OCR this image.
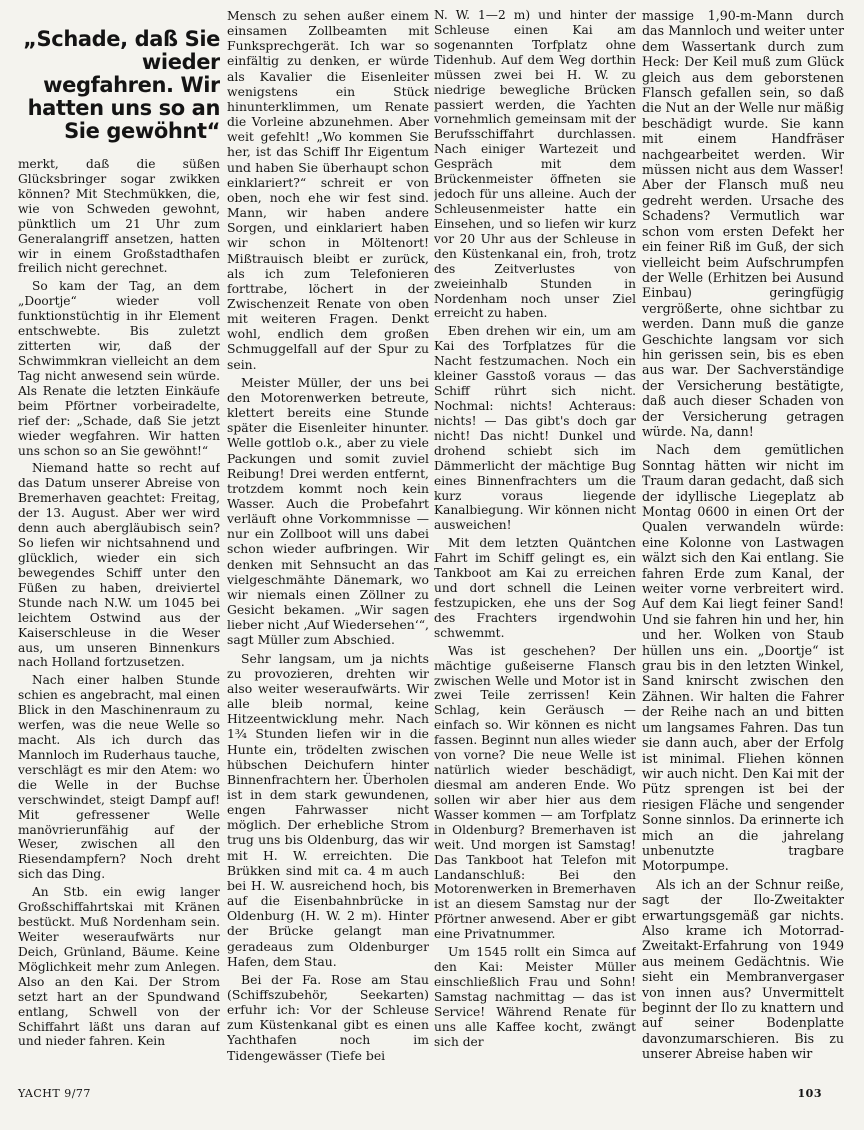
„Schade, daß Sie wieder wegfahren. Wir hatten uns so an Sie gewöhnt“

merkt, daß die süßen Glücksbringer sogar zwikken können? Mit Stechmükken, die, wie von Schweden gewohnt, pünktlich um 21 Uhr zum Generalangriff ansetzen, hatten wir in einem Großstadthafen freilich nicht gerechnet.

So kam der Tag, an dem „Doortje“ wieder voll funktionstüchtig in ihr Element entschwebte. Bis zuletzt zitterten wir, daß der Schwimmkran vielleicht an dem Tag nicht anwesend sein würde. Als Renate die letzten Einkäufe beim Pförtner vorbeiradelte, rief der: „Schade, daß Sie jetzt wieder wegfahren. Wir hatten uns schon so an Sie gewöhnt!“

Niemand hatte so recht auf das Datum unserer Abreise von Bremerhaven geachtet: Freitag, der 13. August. Aber wer wird denn auch abergläubisch sein? So liefen wir nichtsahnend und glücklich, wieder ein sich bewegendes Schiff unter den Füßen zu haben, dreiviertel Stunde nach N.W. um 1045 bei leichtem Ostwind aus der Kaiserschleuse in die Weser aus, um unseren Binnenkurs nach Holland fortzusetzen.

Nach einer halben Stunde schien es angebracht, mal einen Blick in den Maschinenraum zu werfen, was die neue Welle so macht. Als ich durch das Mannloch im Ruderhaus tauche, verschlägt es mir den Atem: wo die Welle in der Buchse verschwindet, steigt Dampf auf! Mit gefressener Welle manövrierunfähig auf der Weser, zwischen all den Riesendampfern? Noch dreht sich das Ding.

An Stb. ein ewig langer Großschiffahrtskai mit Kränen bestückt. Muß Nordenham sein. Weiter weseraufwärts nur Deich, Grünland, Bäume. Keine Möglichkeit mehr zum Anlegen. Also an den Kai. Der Strom setzt hart an der Spundwand entlang, Schwell von der Schiffahrt läßt uns daran auf und nieder fahren. Kein

Mensch zu sehen außer einem einsamen Zollbeamten mit Funksprechgerät. Ich war so einfältig zu denken, er würde als Kavalier die Eisenleiter wenigstens ein Stück hinunterklimmen, um Renate die Vorleine abzunehmen. Aber weit gefehlt! „Wo kommen Sie her, ist das Schiff Ihr Eigentum und haben Sie überhaupt schon einklariert?“ schreit er von oben, noch ehe wir fest sind. Mann, wir haben andere Sorgen, und einklariert haben wir schon in Möltenort! Mißtrauisch bleibt er zurück, als ich zum Telefonieren forttrabe, löchert in der Zwischenzeit Renate von oben mit weiteren Fragen. Denkt wohl, endlich dem großen Schmuggelfall auf der Spur zu sein.

Meister Müller, der uns bei den Motorenwerken betreute, klettert bereits eine Stunde später die Eisenleiter hinunter. Welle gottlob o.k., aber zu viele Packungen und somit zuviel Reibung! Drei werden entfernt, trotzdem kommt noch kein Wasser. Auch die Probefahrt verläuft ohne Vorkommnisse — nur ein Zollboot will uns dabei schon wieder aufbringen. Wir denken mit Sehnsucht an das vielgeschmähte Dänemark, wo wir niemals einen Zöllner zu Gesicht bekamen. „Wir sagen lieber nicht ‚Auf Wiedersehen‘“, sagt Müller zum Abschied.

Sehr langsam, um ja nichts zu provozieren, drehten wir also weiter weseraufwärts. Wir alle bleib normal, keine Hitzeentwicklung mehr. Nach 1¾ Stunden liefen wir in die Hunte ein, trödelten zwischen hübschen Deichufern hinter Binnenfrachtern her. Überholen ist in dem stark gewundenen, engen Fahrwasser nicht möglich. Der erhebliche Strom trug uns bis Oldenburg, das wir mit H. W. erreichten. Die Brükken sind mit ca. 4 m auch bei H. W. ausreichend hoch, bis auf die Eisenbahnbrücke in Oldenburg (H. W. 2 m). Hinter der Brücke gelangt man geradeaus zum Oldenburger Hafen, dem Stau.

Bei der Fa. Rose am Stau (Schiffszubehör, Seekarten) erfuhr ich: Vor der Schleuse zum Küstenkanal gibt es einen Yachthafen noch im Tidengewässer (Tiefe bei

N. W. 1—2 m) und hinter der Schleuse einen Kai am sogenannten Torfplatz ohne Tidenhub. Auf dem Weg dorthin müssen zwei bei H. W. zu niedrige bewegliche Brücken passiert werden, die Yachten vornehmlich gemeinsam mit der Berufsschiffahrt durchlassen. Nach einiger Wartezeit und Gespräch mit dem Brückenmeister öffneten sie jedoch für uns alleine. Auch der Schleusenmeister hatte ein Einsehen, und so liefen wir kurz vor 20 Uhr aus der Schleuse in den Küstenkanal ein, froh, trotz des Zeitverlustes von zweieinhalb Stunden in Nordenham noch unser Ziel erreicht zu haben.

Eben drehen wir ein, um am Kai des Torfplatzes für die Nacht festzumachen. Noch ein kleiner Gasstoß voraus — das Schiff rührt sich nicht. Nochmal: nichts! Achteraus: nichts! — Das gibt's doch gar nicht! Das nicht! Dunkel und drohend schiebt sich im Dämmerlicht der mächtige Bug eines Binnenfrachters um die kurz voraus liegende Kanalbiegung. Wir können nicht ausweichen!

Mit dem letzten Quäntchen Fahrt im Schiff gelingt es, ein Tankboot am Kai zu erreichen und dort schnell die Leinen festzupicken, ehe uns der Sog des Frachters irgendwohin schwemmt.

Was ist geschehen? Der mächtige gußeiserne Flansch zwischen Welle und Motor ist in zwei Teile zerrissen! Kein Schlag, kein Geräusch — einfach so. Wir können es nicht fassen. Beginnt nun alles wieder von vorne? Die neue Welle ist natürlich wieder beschädigt, diesmal am anderen Ende. Wo sollen wir aber hier aus dem Wasser kommen — am Torfplatz in Oldenburg? Bremerhaven ist weit. Und morgen ist Samstag! Das Tankboot hat Telefon mit Landanschluß: Bei den Motorenwerken in Bremerhaven ist an diesem Samstag nur der Pförtner anwesend. Aber er gibt eine Privatnummer.

Um 1545 rollt ein Simca auf den Kai: Meister Müller einschließlich Frau und Sohn! Samstag nachmittag — das ist Service! Während Renate für uns alle Kaffee kocht, zwängt sich der

massige 1,90-m-Mann durch das Mannloch und weiter unter dem Wassertank durch zum Heck: Der Keil muß zum Glück gleich aus dem geborstenen Flansch gefallen sein, so daß die Nut an der Welle nur mäßig beschädigt wurde. Sie kann mit einem Handfräser nachgearbeitet werden. Wir müssen nicht aus dem Wasser! Aber der Flansch muß neu gedreht werden. Ursache des Schadens? Vermutlich war schon vom ersten Defekt her ein feiner Riß im Guß, der sich vielleicht beim Aufschrumpfen der Welle (Erhitzen bei Ausund Einbau) geringfügig vergrößerte, ohne sichtbar zu werden. Dann muß die ganze Geschichte langsam vor sich hin gerissen sein, bis es eben aus war. Der Sachverständige der Versicherung bestätigte, daß auch dieser Schaden von der Versicherung getragen würde. Na, dann!

Nach dem gemütlichen Sonntag hätten wir nicht im Traum daran gedacht, daß sich der idyllische Liegeplatz ab Montag 0600 in einen Ort der Qualen verwandeln würde: eine Kolonne von Lastwagen wälzt sich den Kai entlang. Sie fahren Erde zum Kanal, der weiter vorne verbreitert wird. Auf dem Kai liegt feiner Sand! Und sie fahren hin und her, hin und her. Wolken von Staub hüllen uns ein. „Doortje“ ist grau bis in den letzten Winkel, Sand knirscht zwischen den Zähnen. Wir halten die Fahrer der Reihe nach an und bitten um langsames Fahren. Das tun sie dann auch, aber der Erfolg ist minimal. Fliehen können wir auch nicht. Den Kai mit der Pütz sprengen ist bei der riesigen Fläche und sengender Sonne sinnlos. Da erinnerte ich mich an die jahrelang unbenutzte tragbare Motorpumpe.

Als ich an der Schnur reiße, sagt der Ilo-Zweitakter erwartungsgemäß gar nichts. Also krame ich Motorrad-Zweitakt-Erfahrung von 1949 aus meinem Gedächtnis. Wie sieht ein Membranvergaser von innen aus? Unvermittelt beginnt der Ilo zu knattern und auf seiner Bodenplatte davonzumarschieren. Bis zu unserer Abreise haben wir

YACHT 9/77	103
